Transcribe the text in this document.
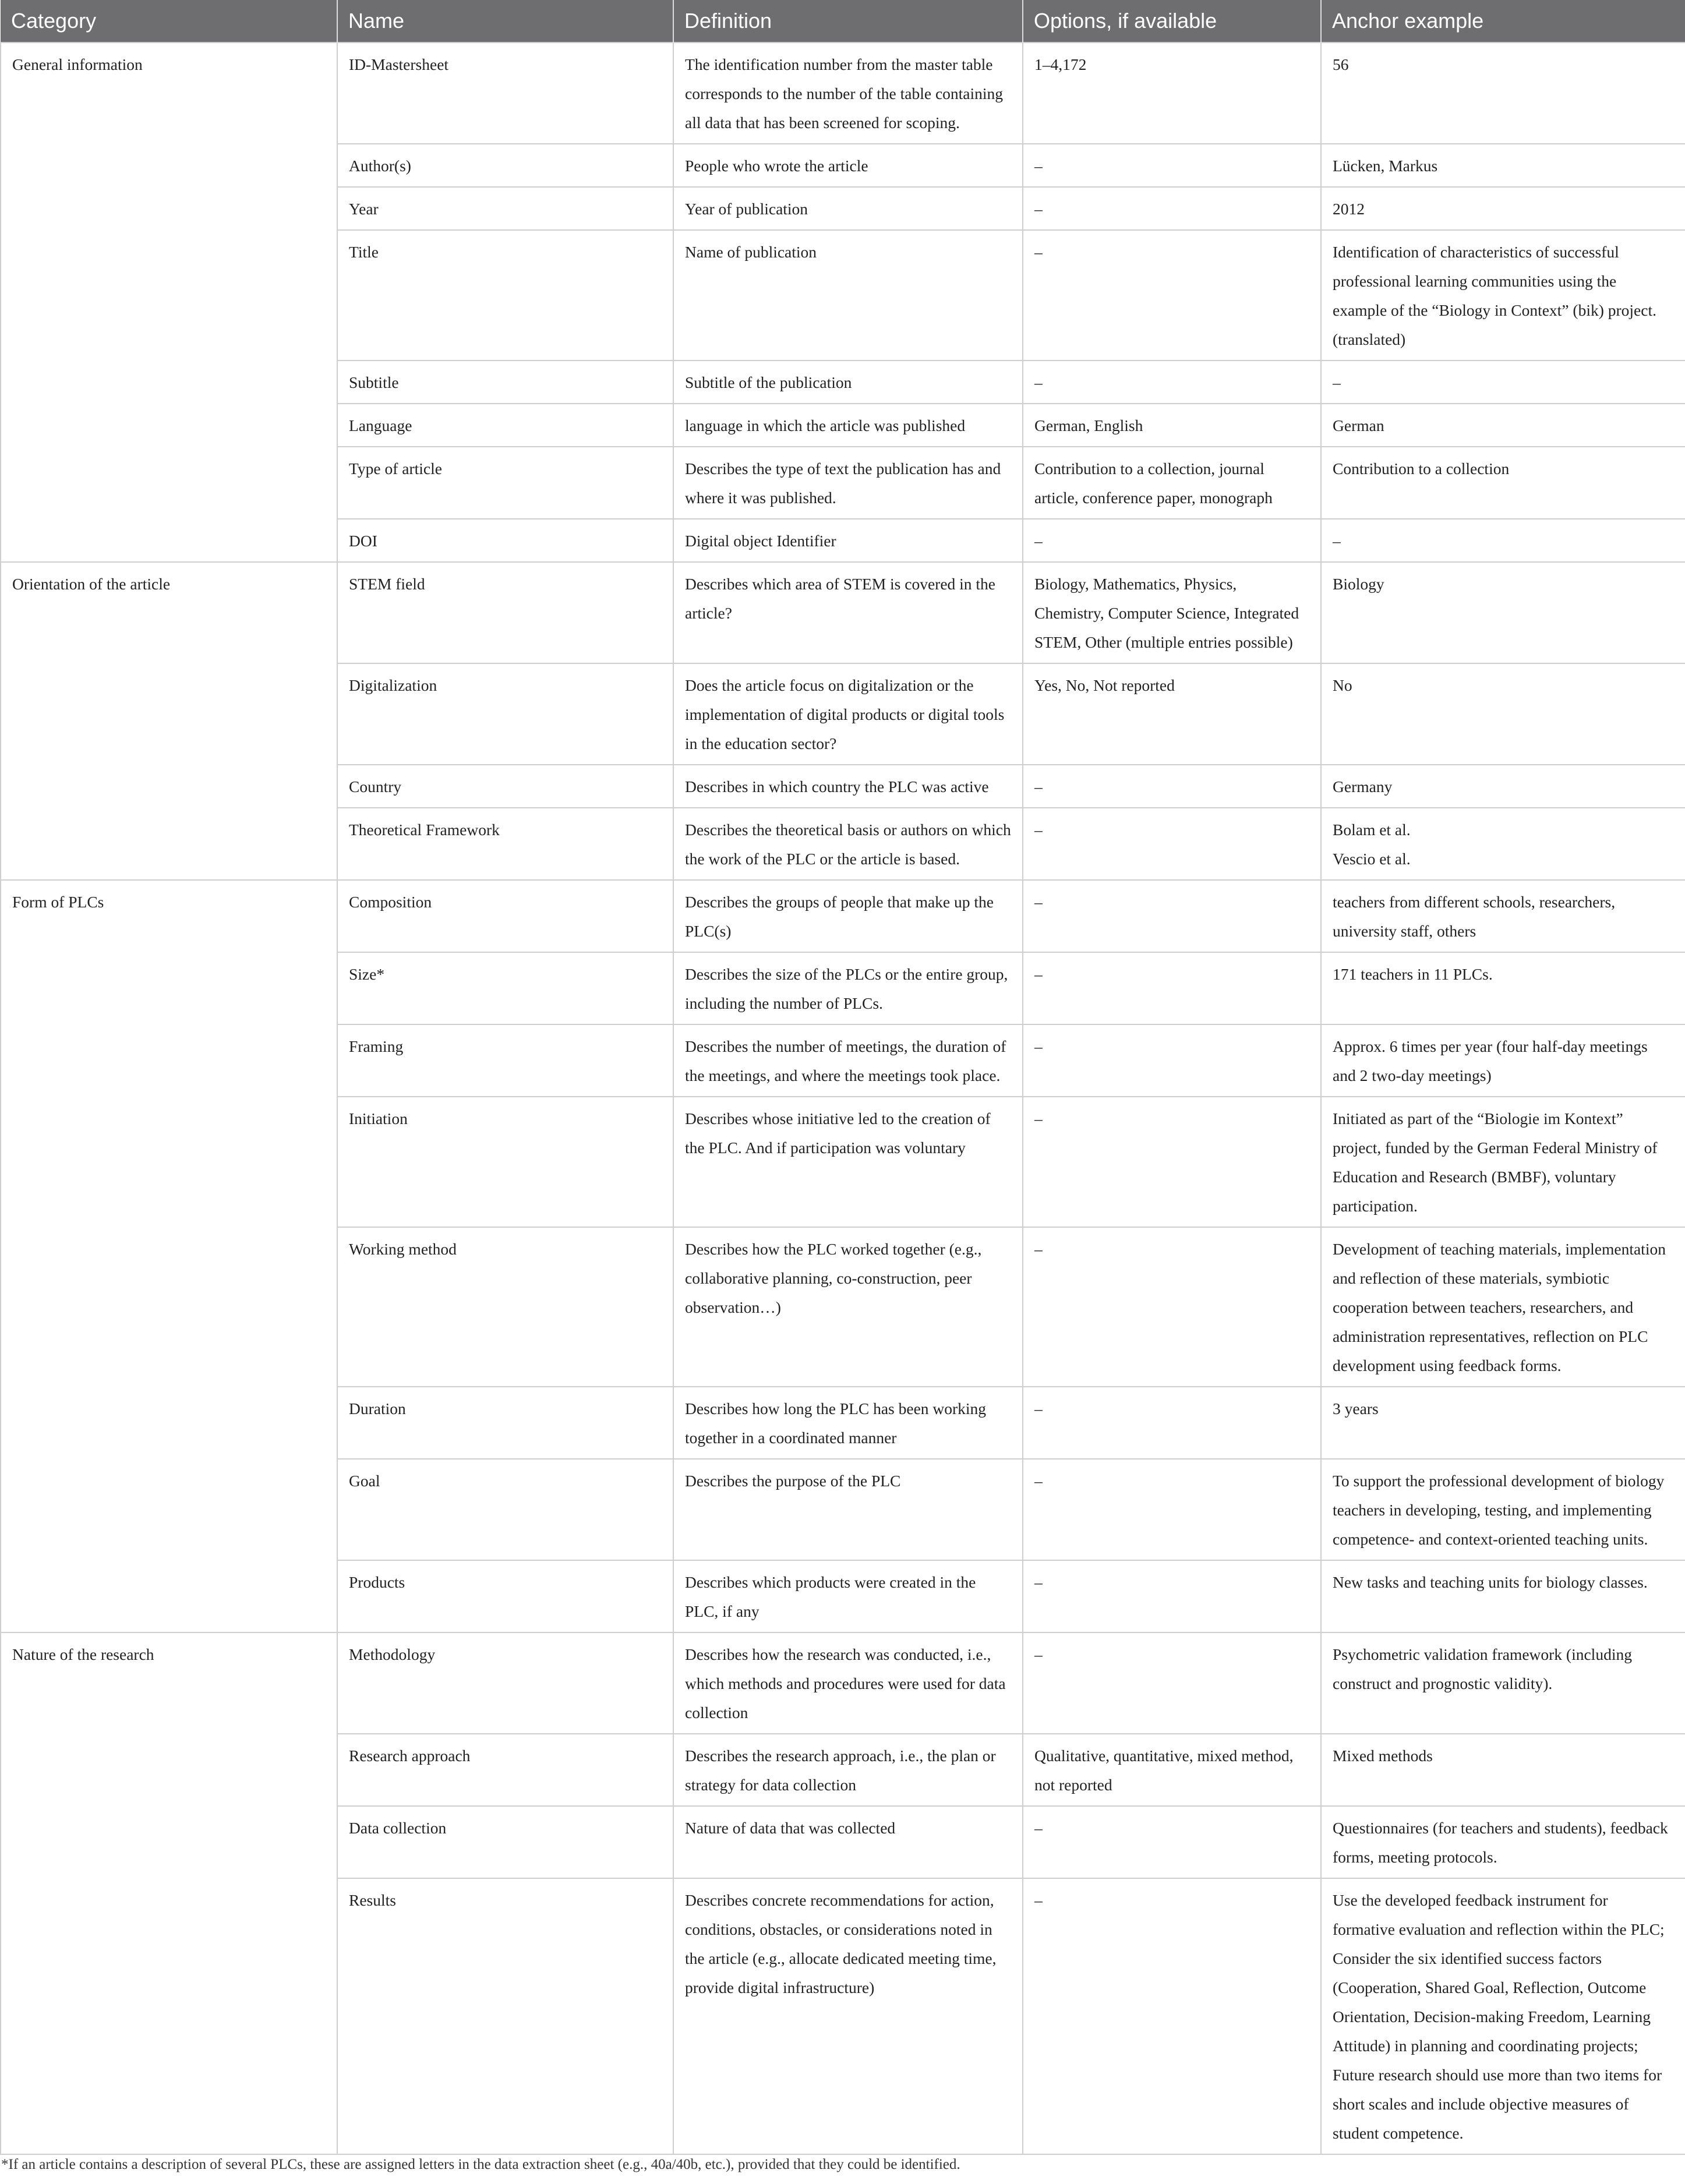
Category	Name	Definition	Options, if available	Anchor example
General information	ID-Mastersheet	The identification number from the master table corresponds to the number of the table containing all data that has been screened for scoping.	1–4,172	56
	Author(s)	People who wrote the article	–	Lücken, Markus
	Year	Year of publication	–	2012
	Title	Name of publication	–	Identification of characteristics of successful professional learning communities using the example of the “Biology in Context” (bik) project. (translated)
	Subtitle	Subtitle of the publication	–	–
	Language	language in which the article was published	German, English	German
	Type of article	Describes the type of text the publication has and where it was published.	Contribution to a collection, journal article, conference paper, monograph	Contribution to a collection
	DOI	Digital object Identifier	–	–
Orientation of the article	STEM field	Describes which area of STEM is covered in the article?	Biology, Mathematics, Physics, Chemistry, Computer Science, Integrated STEM, Other (multiple entries possible)	Biology
	Digitalization	Does the article focus on digitalization or the implementation of digital products or digital tools in the education sector?	Yes, No, Not reported	No
	Country	Describes in which country the PLC was active	–	Germany
	Theoretical Framework	Describes the theoretical basis or authors on which the work of the PLC or the article is based.	–	Bolam et al.
Vescio et al.

Form of PLCs	Composition	Describes the groups of people that make up the PLC(s)	–	teachers from different schools, researchers, university staff, others
	Size*	Describes the size of the PLCs or the entire group, including the number of PLCs.	–	171 teachers in 11 PLCs.
	Framing	Describes the number of meetings, the duration of the meetings, and where the meetings took place.	–	Approx. 6 times per year (four half-day meetings and 2 two-day meetings)
	Initiation	Describes whose initiative led to the creation of the PLC. And if participation was voluntary	–	Initiated as part of the “Biologie im Kontext” project, funded by the German Federal Ministry of Education and Research (BMBF), voluntary participation.
	Working method	Describes how the PLC worked together (e.g., collaborative planning, co-construction, peer observation…)	–	Development of teaching materials, implementation and reflection of these materials, symbiotic cooperation between teachers, researchers, and administration representatives, reflection on PLC development using feedback forms.
	Duration	Describes how long the PLC has been working together in a coordinated manner	–	3 years
	Goal	Describes the purpose of the PLC	–	To support the professional development of biology teachers in developing, testing, and implementing competence- and context-oriented teaching units.
	Products	Describes which products were created in the PLC, if any	–	New tasks and teaching units for biology classes.
Nature of the research	Methodology	Describes how the research was conducted, i.e., which methods and procedures were used for data collection	–	Psychometric validation framework (including construct and prognostic validity).
	Research approach	Describes the research approach, i.e., the plan or strategy for data collection	Qualitative, quantitative, mixed method, not reported	Mixed methods
	Data collection	Nature of data that was collected	–	Questionnaires (for teachers and students), feedback forms, meeting protocols.
	Results	Describes concrete recommendations for action, conditions, obstacles, or considerations noted in the article (e.g., allocate dedicated meeting time, provide digital infrastructure)	–	Use the developed feedback instrument for formative evaluation and reflection within the PLC; Consider the six identified success factors (Cooperation, Shared Goal, Reflection, Outcome Orientation, Decision-making Freedom, Learning Attitude) in planning and coordinating projects; Future research should use more than two items for short scales and include objective measures of student competence.
*If an article contains a description of several PLCs, these are assigned letters in the data extraction sheet (e.g., 40a/40b, etc.), provided that they could be identified.
